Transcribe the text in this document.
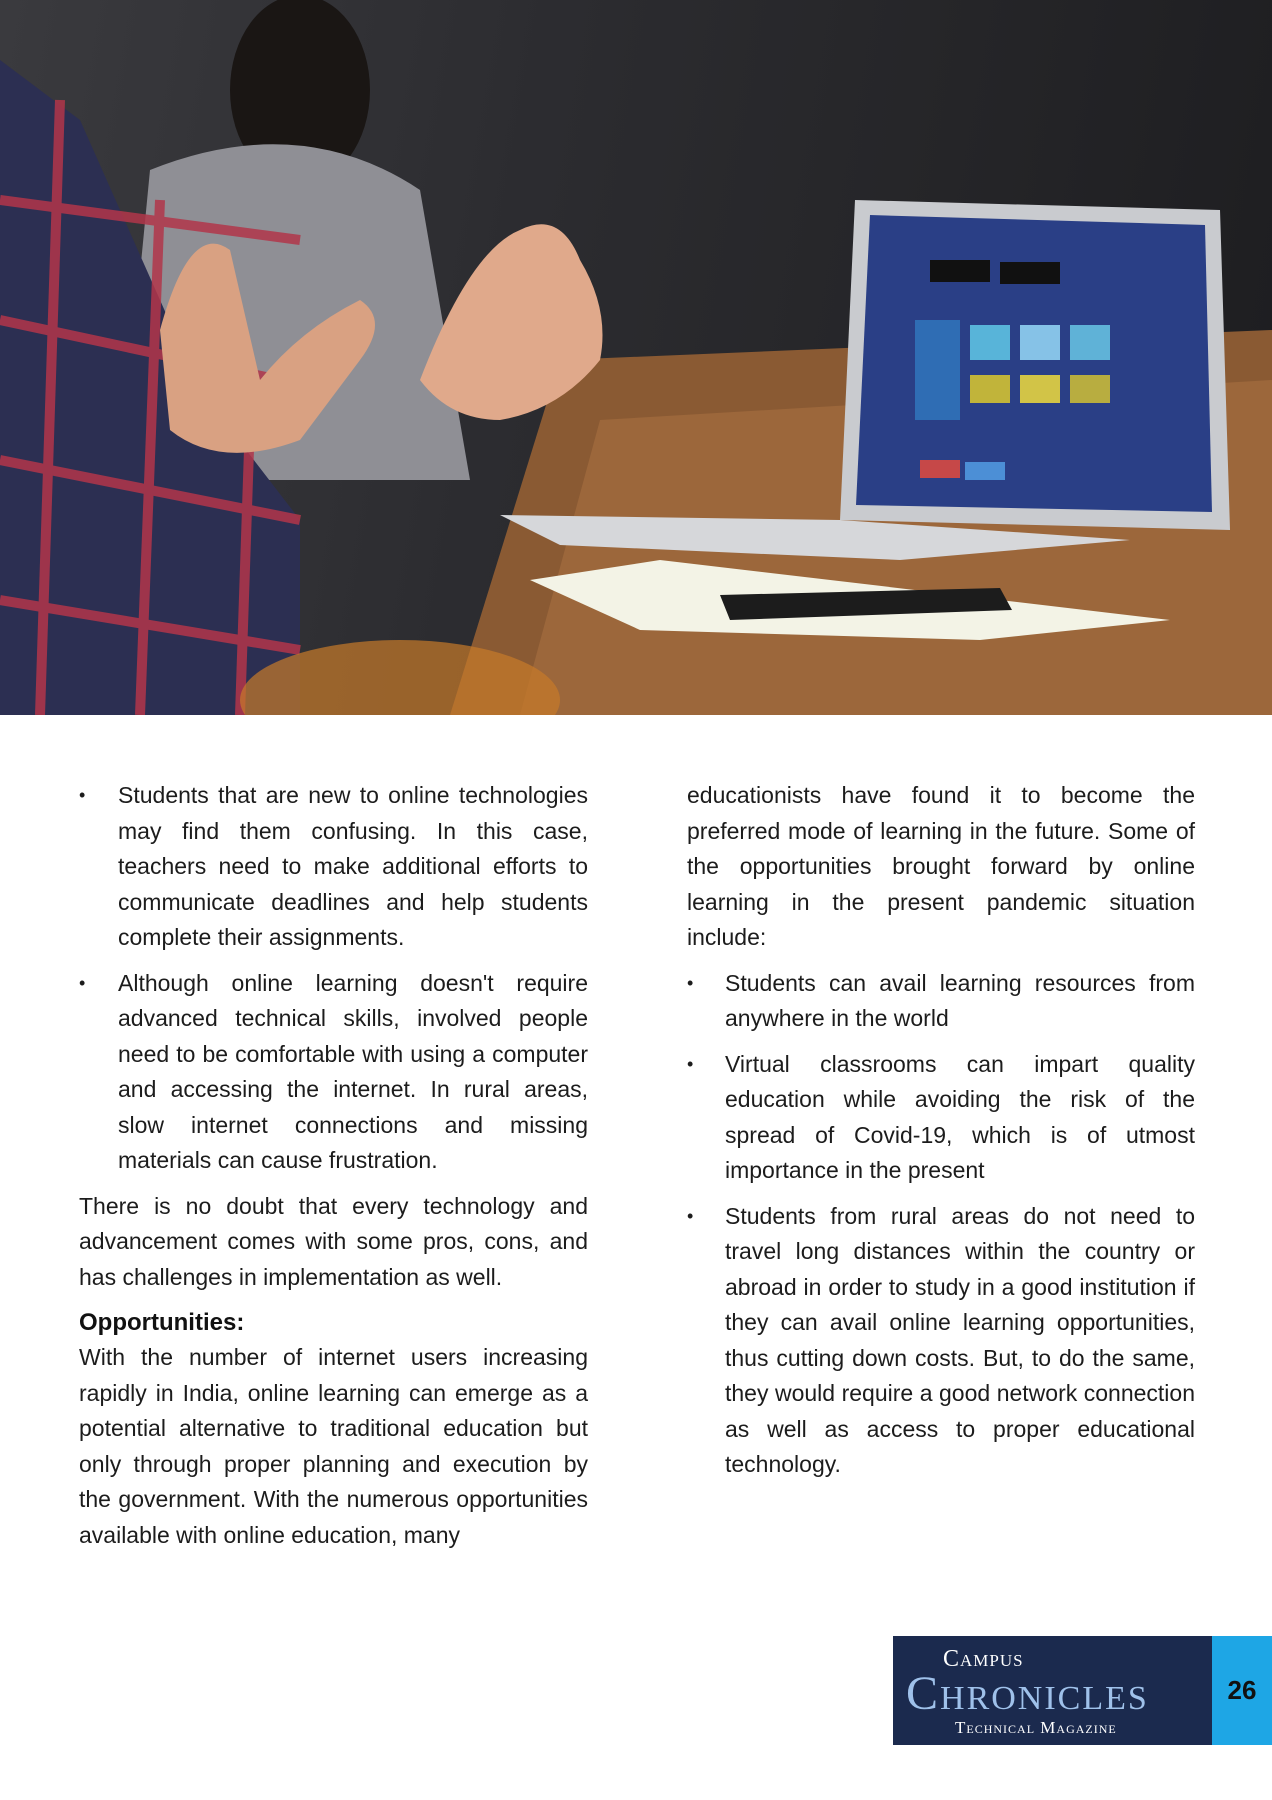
• Students that are new to online technologies may find them confusing. In this case, teachers need to make additional efforts to communicate deadlines and help students complete their assignments.
• Although online learning doesn't require advanced technical skills, involved people need to be comfortable with using a computer and accessing the internet. In rural areas, slow internet connections and missing materials can cause frustration.

There is no doubt that every technology and advancement comes with some pros, cons, and has challenges in implementation as well.

Opportunities:

With the number of internet users increasing rapidly in India, online learning can emerge as a potential alternative to traditional education but only through proper planning and execution by the government. With the numerous opportunities available with online education, many

educationists have found it to become the preferred mode of learning in the future. Some of the opportunities brought forward by online learning in the present pandemic situation include:

• Students can avail learning resources from anywhere in the world
• Virtual classrooms can impart quality education while avoiding the risk of the spread of Covid-19, which is of utmost importance in the present
• Students from rural areas do not need to travel long distances within the country or abroad in order to study in a good institution if they can avail online learning opportunities, thus cutting down costs. But, to do the same, they would require a good network connection as well as access to proper educational technology.
Campus
Chronicles
Technical Magazine
26
